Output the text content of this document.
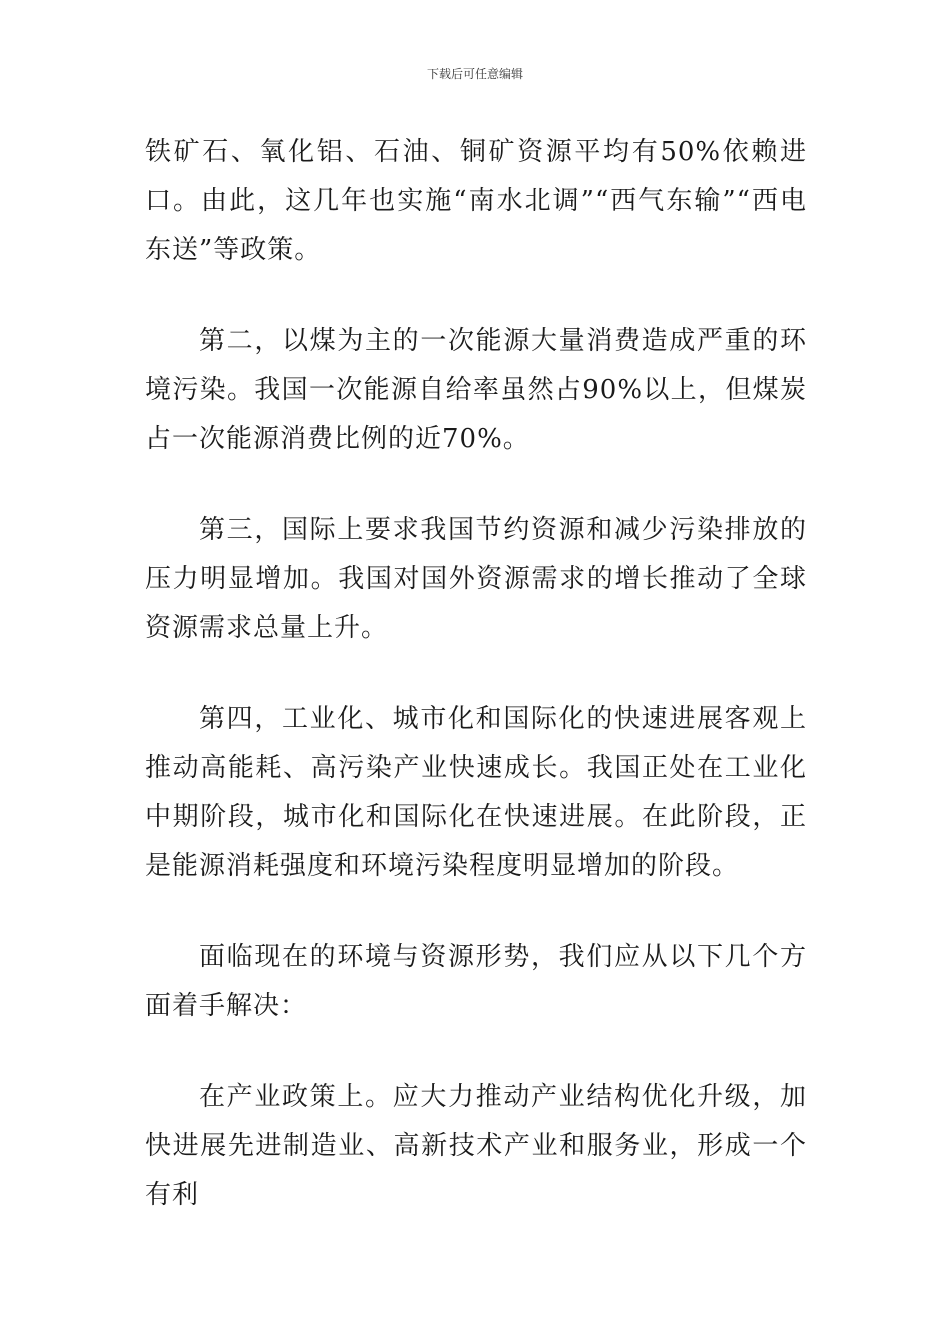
下载后可任意编辑

铁矿石、氧化铝、石油、铜矿资源平均有50%依赖进口。由此，这几年也实施“南水北调”“西气东输”“西电东送”等政策。

第二，以煤为主的一次能源大量消费造成严重的环境污染。我国一次能源自给率虽然占90%以上，但煤炭占一次能源消费比例的近70%。

第三，国际上要求我国节约资源和减少污染排放的压力明显增加。我国对国外资源需求的增长推动了全球资源需求总量上升。

第四，工业化、城市化和国际化的快速进展客观上推动高能耗、高污染产业快速成长。我国正处在工业化中期阶段，城市化和国际化在快速进展。在此阶段，正是能源消耗强度和环境污染程度明显增加的阶段。

面临现在的环境与资源形势，我们应从以下几个方面着手解决：

在产业政策上。应大力推动产业结构优化升级，加快进展先进制造业、高新技术产业和服务业，形成一个有利
